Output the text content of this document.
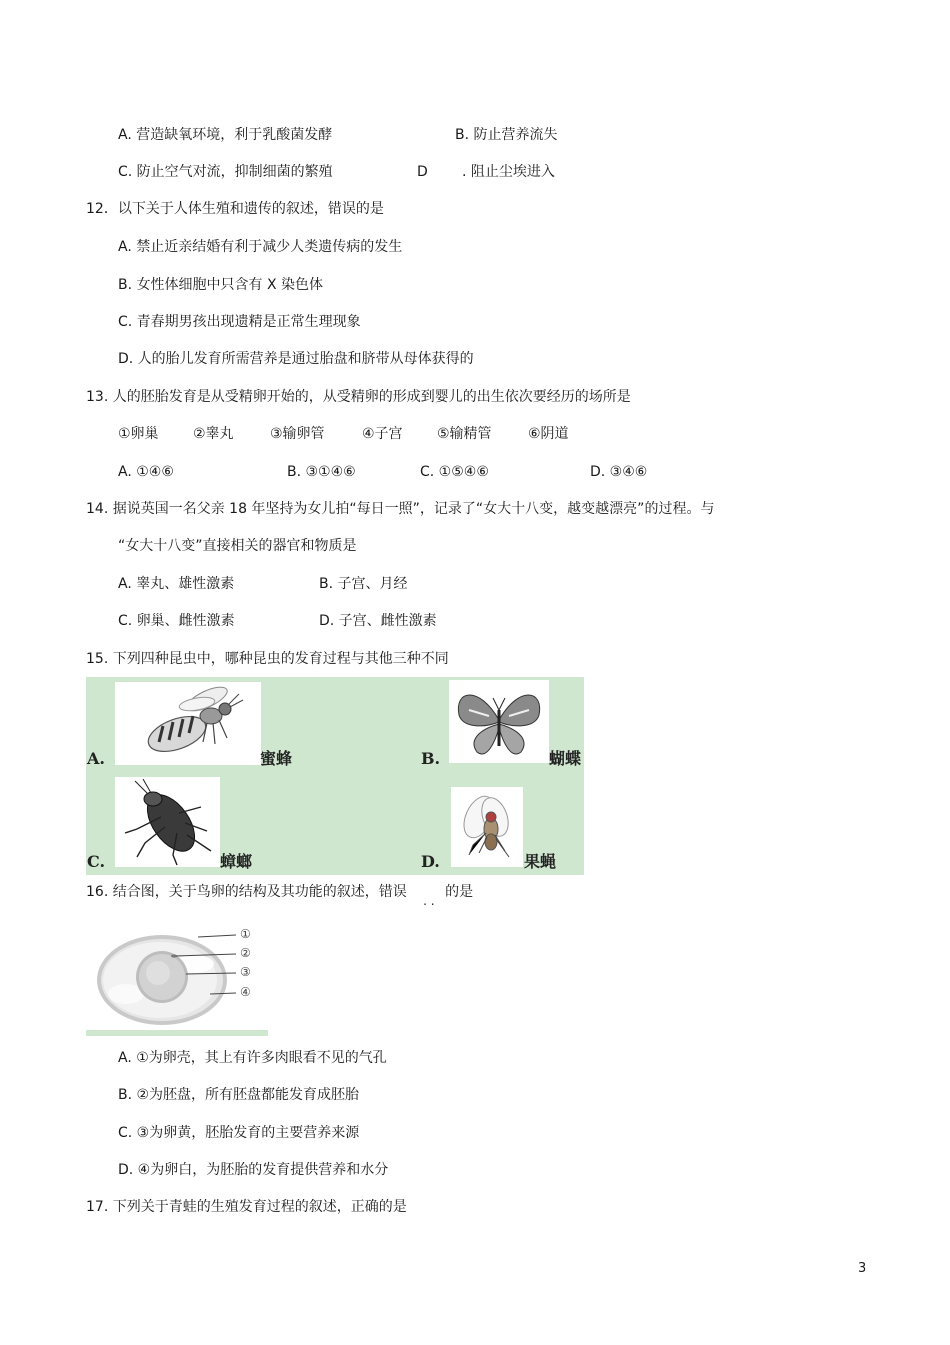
A. 营造缺氧环境，利于乳酸菌发酵	B. 防止营养流失
C. 防止空气对流，抑制细菌的繁殖	D . 阻止尘埃进入
12．以下关于人体生殖和遗传的叙述，错误的是
A. 禁止近亲结婚有利于减少人类遗传病的发生
B. 女性体细胞中只含有 X 染色体
C. 青春期男孩出现遗精是正常生理现象
D. 人的胎儿发育所需营养是通过胎盘和脐带从母体获得的
13. 人的胚胎发育是从受精卵开始的，从受精卵的形成到婴儿的出生依次要经历的场所是
①卵巢 ②睾丸	③输卵管	④子宫 ⑤输精管	⑥阴道
A. ①④⑥	B. ③①④⑥	C. ①⑤④⑥	D. ③④⑥
14. 据说英国一名父亲 18 年坚持为女儿拍“每日一照”，记录了“女大十八变，越变越漂亮”的过程。与
“女大十八变”直接相关的器官和物质是
A. 睾丸、雄性激素	B. 子宫、月经
C. 卵巢、雌性激素	D. 子宫、雌性激素
15. 下列四种昆虫中，哪种昆虫的发育过程与其他三种不同
A.	蜜蜂	B.	蝴蝶
C.	蟑螂	D.	果蝇
16. 结合图，关于鸟卵的结构及其功能的叙述，错误 . . 的是
①
②
③
④
A. ①为卵壳，其上有许多肉眼看不见的气孔
B. ②为胚盘，所有胚盘都能发育成胚胎
C. ③为卵黄，胚胎发育的主要营养来源
D. ④为卵白，为胚胎的发育提供营养和水分
17. 下列关于青蛙的生殖发育过程的叙述，正确的是
3
